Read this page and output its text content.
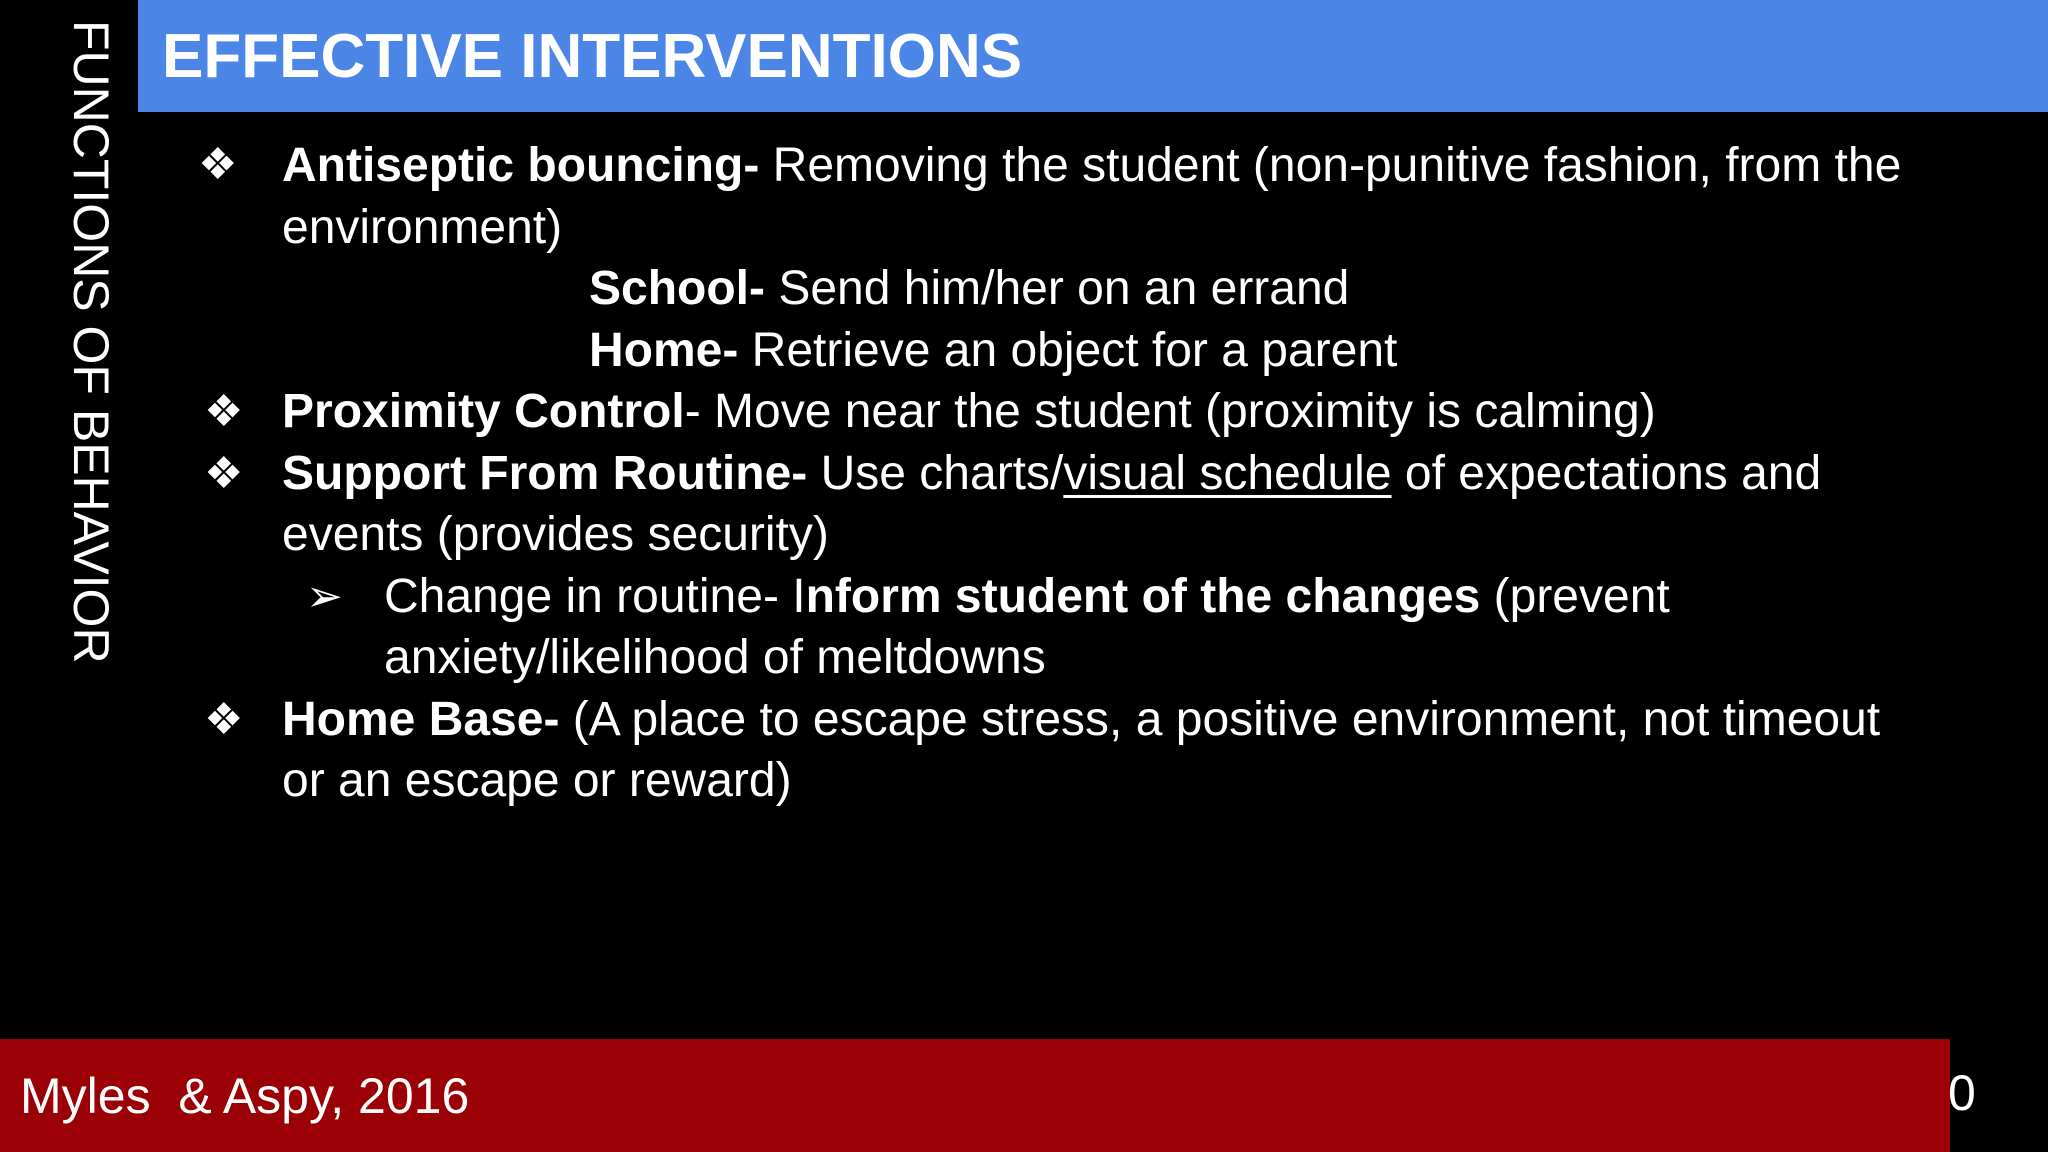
FUNCTIONS OF BEHAVIOR EFFECTIVE INTERVENTIONS
❖ Antiseptic bouncing- Removing the student (non-punitive fashion, from the
environment)
School- Send him/her on an errand
Home- Retrieve an object for a parent
❖ Proximity Control- Move near the student (proximity is calming)
❖ Support From Routine- Use charts/visual schedule of expectations and
events (provides security)
➢ Change in routine- Inform student of the changes (prevent
anxiety/likelihood of meltdowns
❖ Home Base- (A place to escape stress, a positive environment, not timeout
or an escape or reward)
Myles  & Aspy, 2016	0
